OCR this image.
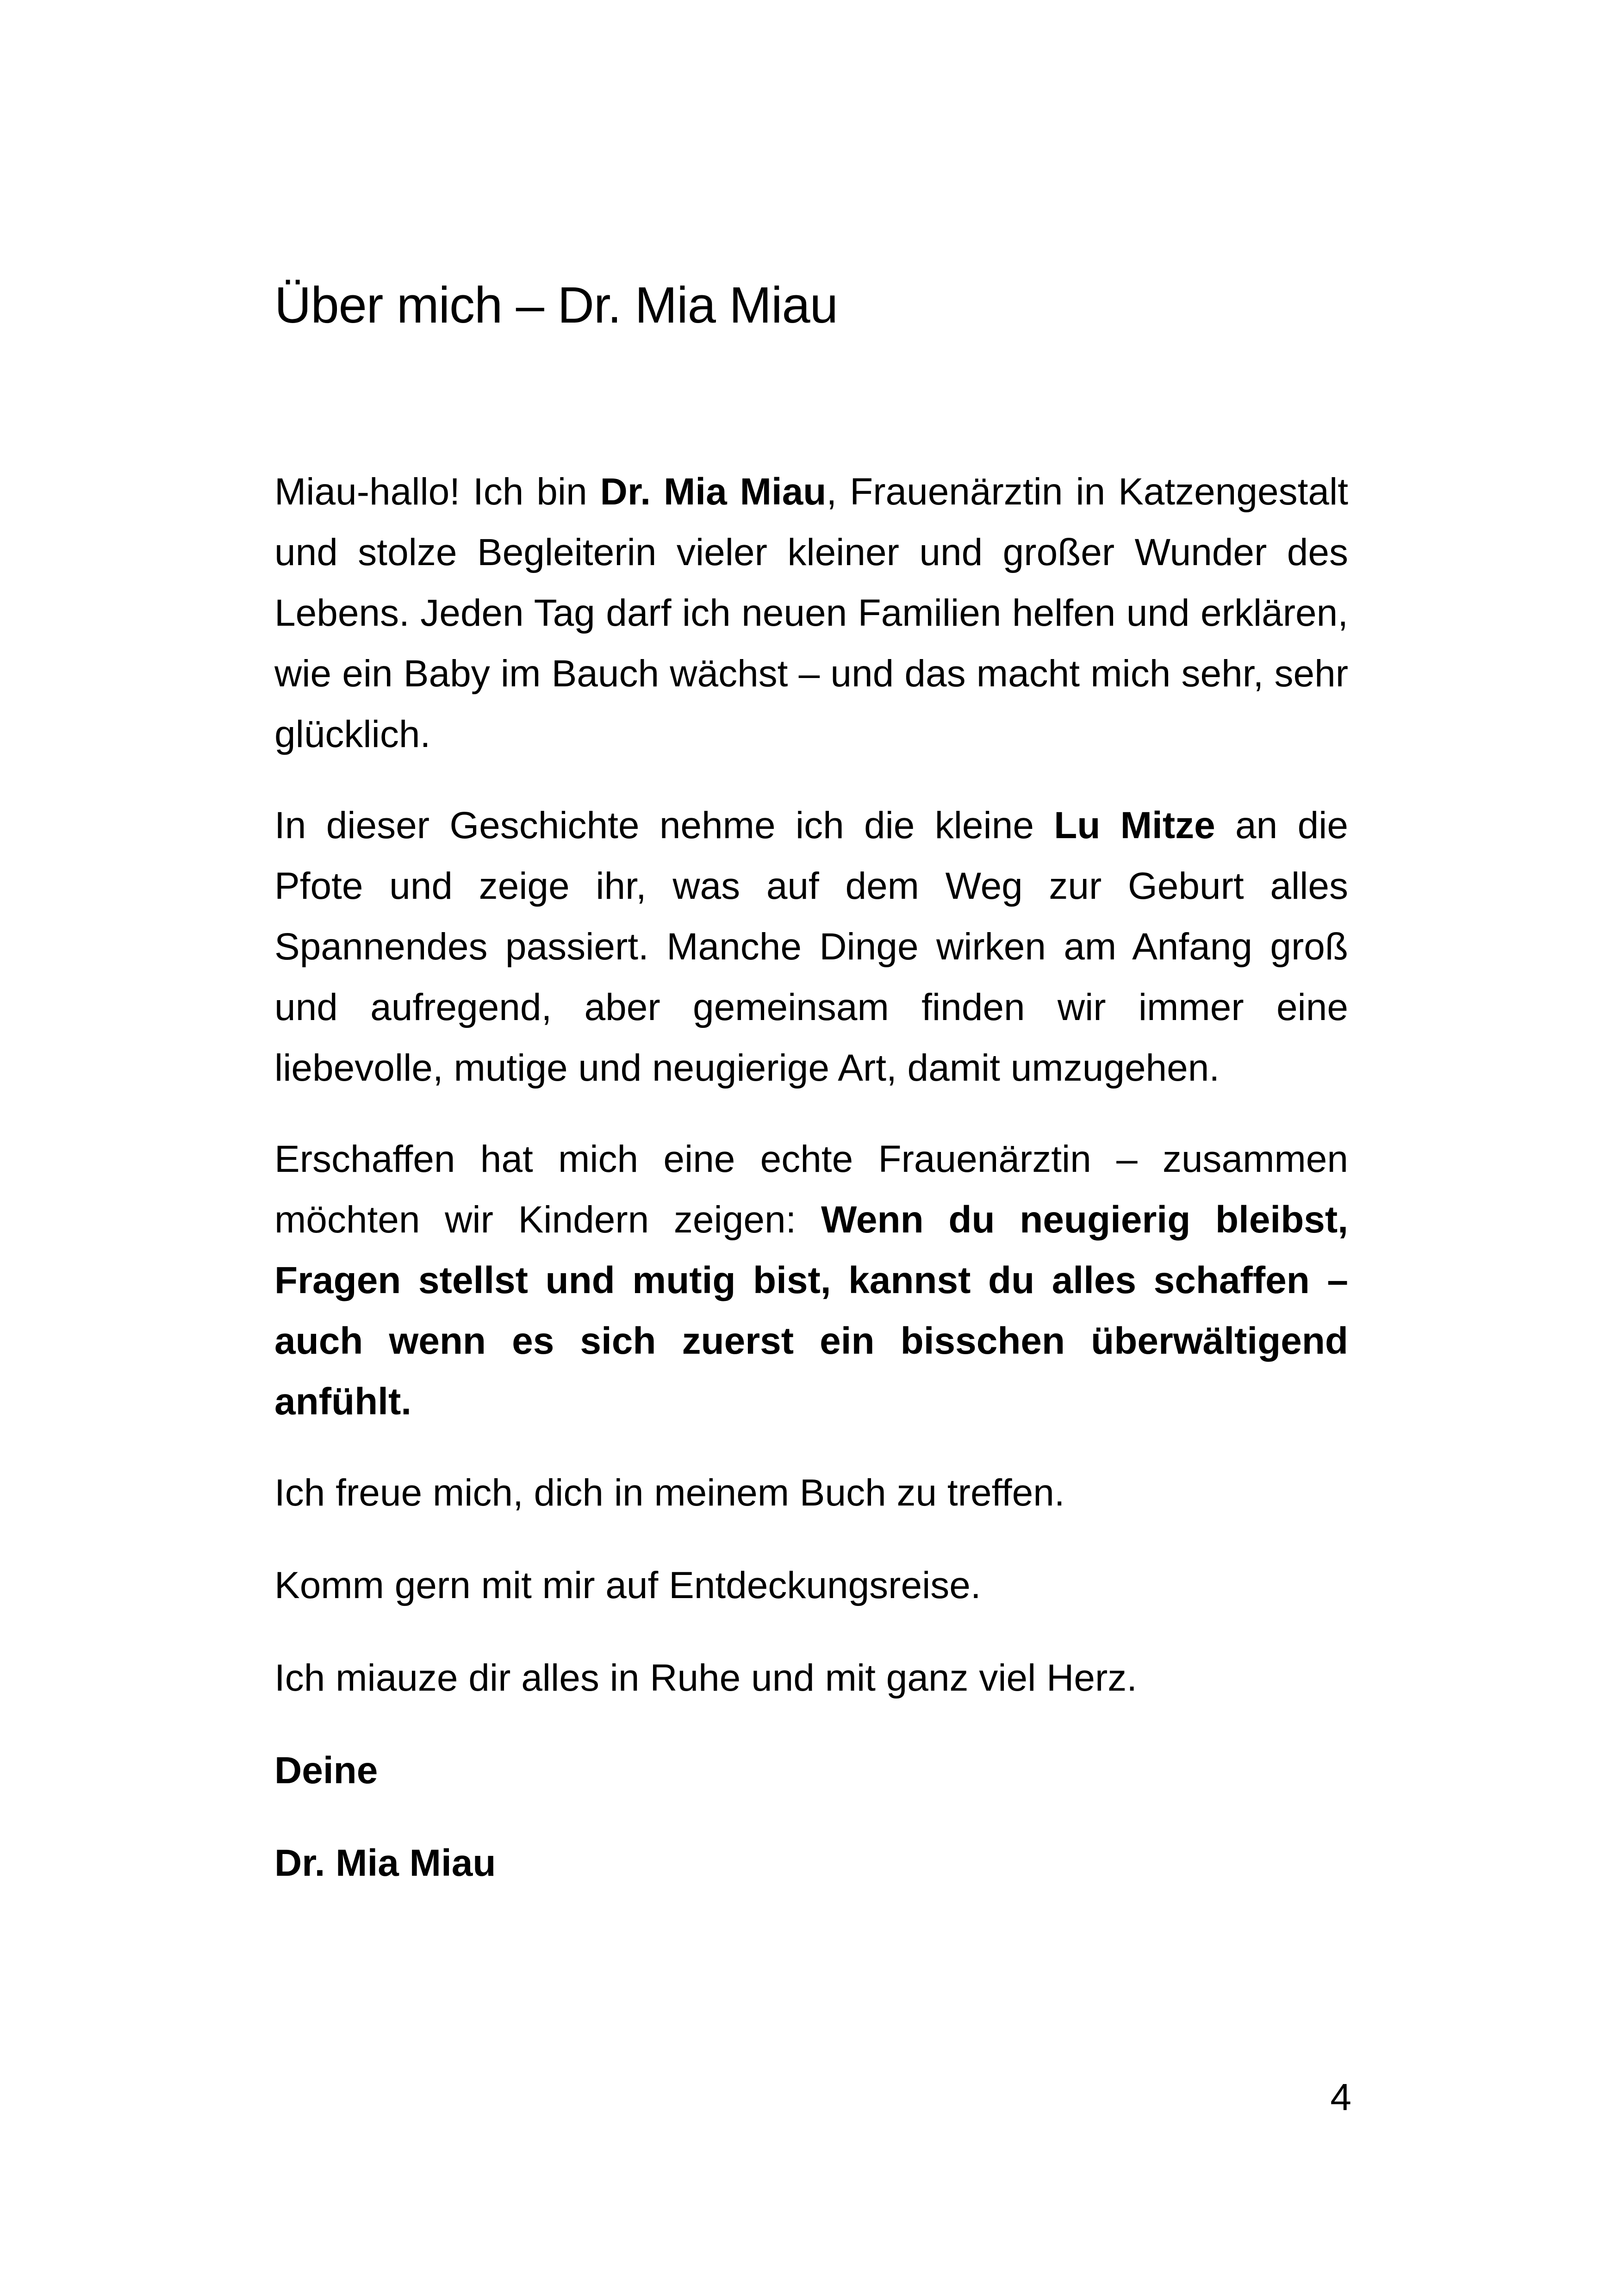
Über mich – Dr. Mia Miau

Miau-hallo! Ich bin Dr. Mia Miau, Frauenärztin in Katzengestalt und stolze Begleiterin vieler kleiner und großer Wunder des Lebens. Jeden Tag darf ich neuen Familien helfen und erklären, wie ein Baby im Bauch wächst – und das macht mich sehr, sehr glücklich.

In dieser Geschichte nehme ich die kleine Lu Mitze an die Pfote und zeige ihr, was auf dem Weg zur Geburt alles Spannendes passiert. Manche Dinge wirken am Anfang groß und aufregend, aber gemeinsam finden wir immer eine liebevolle, mutige und neugierige Art, damit umzugehen.

Erschaffen hat mich eine echte Frauenärztin – zusammen möchten wir Kindern zeigen: Wenn du neugierig bleibst, Fragen stellst und mutig bist, kannst du alles schaffen – auch wenn es sich zuerst ein bisschen überwältigend anfühlt.

Ich freue mich, dich in meinem Buch zu treffen.

Komm gern mit mir auf Entdeckungsreise.

Ich miauze dir alles in Ruhe und mit ganz viel Herz.

Deine

Dr. Mia Miau

4
